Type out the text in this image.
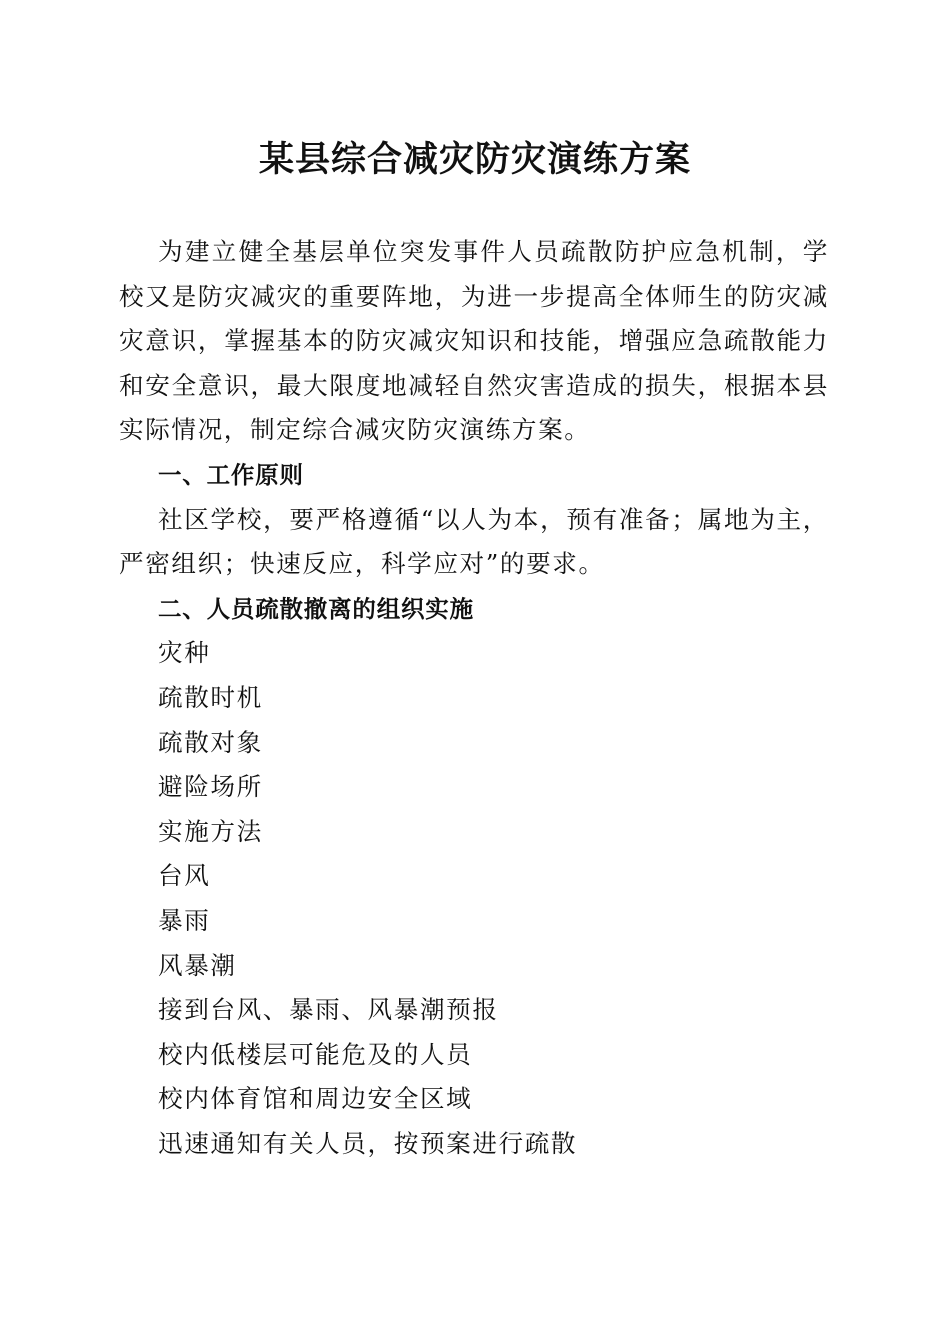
某县综合减灾防灾演练方案

为建立健全基层单位突发事件人员疏散防护应急机制，学校又是防灾减灾的重要阵地，为进一步提高全体师生的防灾减灾意识，掌握基本的防灾减灾知识和技能，增强应急疏散能力和安全意识，最大限度地减轻自然灾害造成的损失，根据本县实际情况，制定综合减灾防灾演练方案。

一、工作原则

社区学校，要严格遵循“以人为本，预有准备；属地为主，严密组织；快速反应，科学应对”的要求。

二、人员疏散撤离的组织实施

灾种

疏散时机

疏散对象

避险场所

实施方法

台风

暴雨

风暴潮

接到台风、暴雨、风暴潮预报

校内低楼层可能危及的人员

校内体育馆和周边安全区域

迅速通知有关人员，按预案进行疏散
